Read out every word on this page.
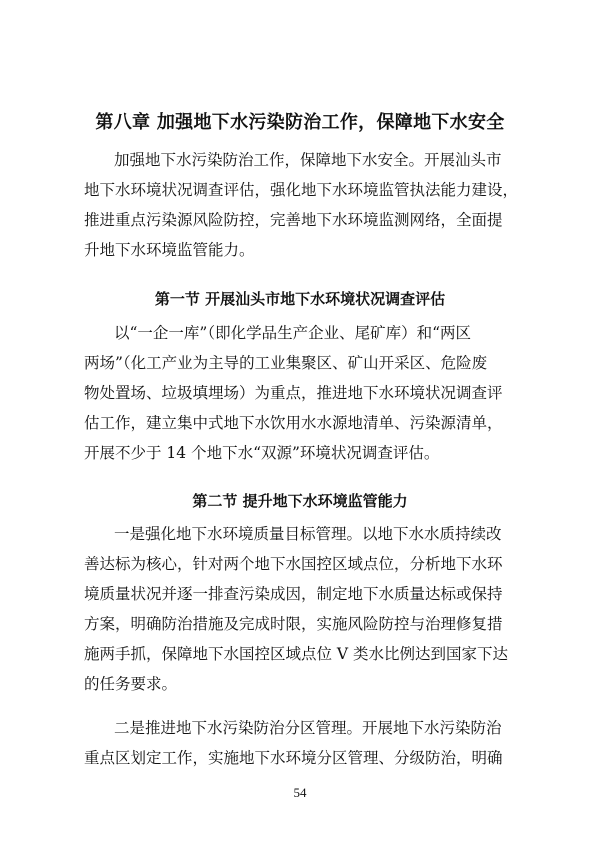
第八章 加强地下水污染防治工作，保障地下水安全
加强地下水污染防治工作，保障地下水安全。开展汕头市
地下水环境状况调查评估，强化地下水环境监管执法能力建设，
推进重点污染源风险防控，完善地下水环境监测网络，全面提
升地下水环境监管能力。
第一节 开展汕头市地下水环境状况调查评估
以“一企一库”（即化学品生产企业、尾矿库）和“两区
两场”（化工产业为主导的工业集聚区、矿山开采区、危险废
物处置场、垃圾填埋场）为重点，推进地下水环境状况调查评
估工作，建立集中式地下水饮用水水源地清单、污染源清单，
开展不少于 14 个地下水“双源”环境状况调查评估。
第二节 提升地下水环境监管能力
一是强化地下水环境质量目标管理。以地下水水质持续改
善达标为核心，针对两个地下水国控区域点位，分析地下水环
境质量状况并逐一排查污染成因，制定地下水质量达标或保持
方案，明确防治措施及完成时限，实施风险防控与治理修复措
施两手抓，保障地下水国控区域点位 V 类水比例达到国家下达
的任务要求。
二是推进地下水污染防治分区管理。开展地下水污染防治
重点区划定工作，实施地下水环境分区管理、分级防治，明确
54
